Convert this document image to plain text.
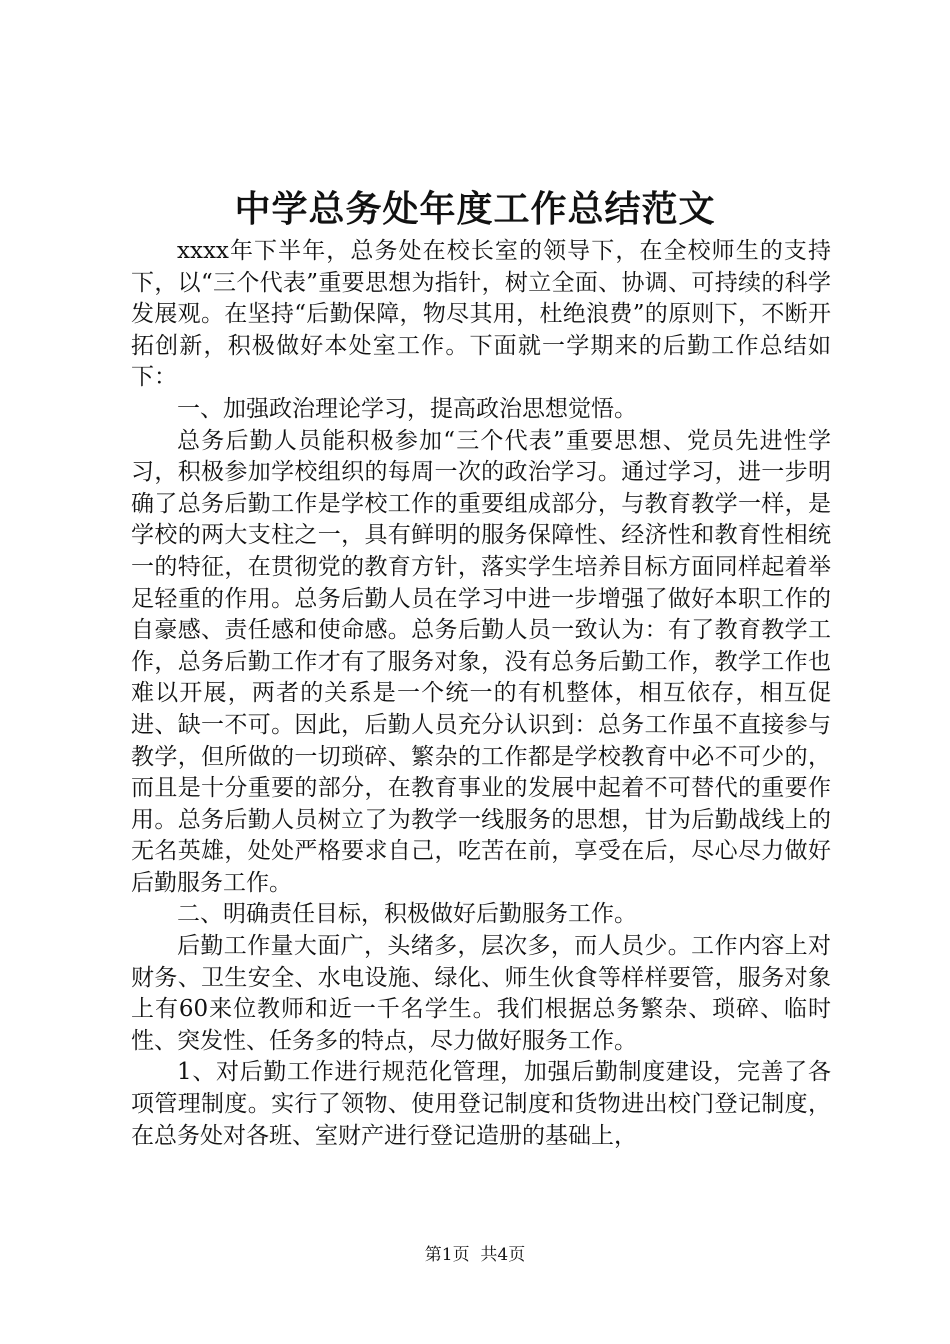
中学总务处年度工作总结范文

xxxx年下半年，总务处在校长室的领导下，在全校师生的支持下，以“三个代表”重要思想为指针，树立全面、协调、可持续的科学发展观。在坚持“后勤保障，物尽其用，杜绝浪费”的原则下，不断开拓创新，积极做好本处室工作。下面就一学期来的后勤工作总结如下：

一、加强政治理论学习，提高政治思想觉悟。

总务后勤人员能积极参加“三个代表”重要思想、党员先进性学习，积极参加学校组织的每周一次的政治学习。通过学习，进一步明确了总务后勤工作是学校工作的重要组成部分，与教育教学一样，是学校的两大支柱之一，具有鲜明的服务保障性、经济性和教育性相统一的特征，在贯彻党的教育方针，落实学生培养目标方面同样起着举足轻重的作用。总务后勤人员在学习中进一步增强了做好本职工作的自豪感、责任感和使命感。总务后勤人员一致认为：有了教育教学工作，总务后勤工作才有了服务对象，没有总务后勤工作，教学工作也难以开展，两者的关系是一个统一的有机整体，相互依存，相互促进、缺一不可。因此，后勤人员充分认识到：总务工作虽不直接参与教学，但所做的一切琐碎、繁杂的工作都是学校教育中必不可少的，而且是十分重要的部分，在教育事业的发展中起着不可替代的重要作用。总务后勤人员树立了为教学一线服务的思想，甘为后勤战线上的无名英雄，处处严格要求自己，吃苦在前，享受在后，尽心尽力做好后勤服务工作。

二、明确责任目标，积极做好后勤服务工作。

后勤工作量大面广，头绪多，层次多，而人员少。工作内容上对财务、卫生安全、水电设施、绿化、师生伙食等样样要管，服务对象上有60来位教师和近一千名学生。我们根据总务繁杂、琐碎、临时性、突发性、任务多的特点，尽力做好服务工作。

1、对后勤工作进行规范化管理，加强后勤制度建设，完善了各项管理制度。实行了领物、使用登记制度和货物进出校门登记制度，在总务处对各班、室财产进行登记造册的基础上，

第1页  共4页
